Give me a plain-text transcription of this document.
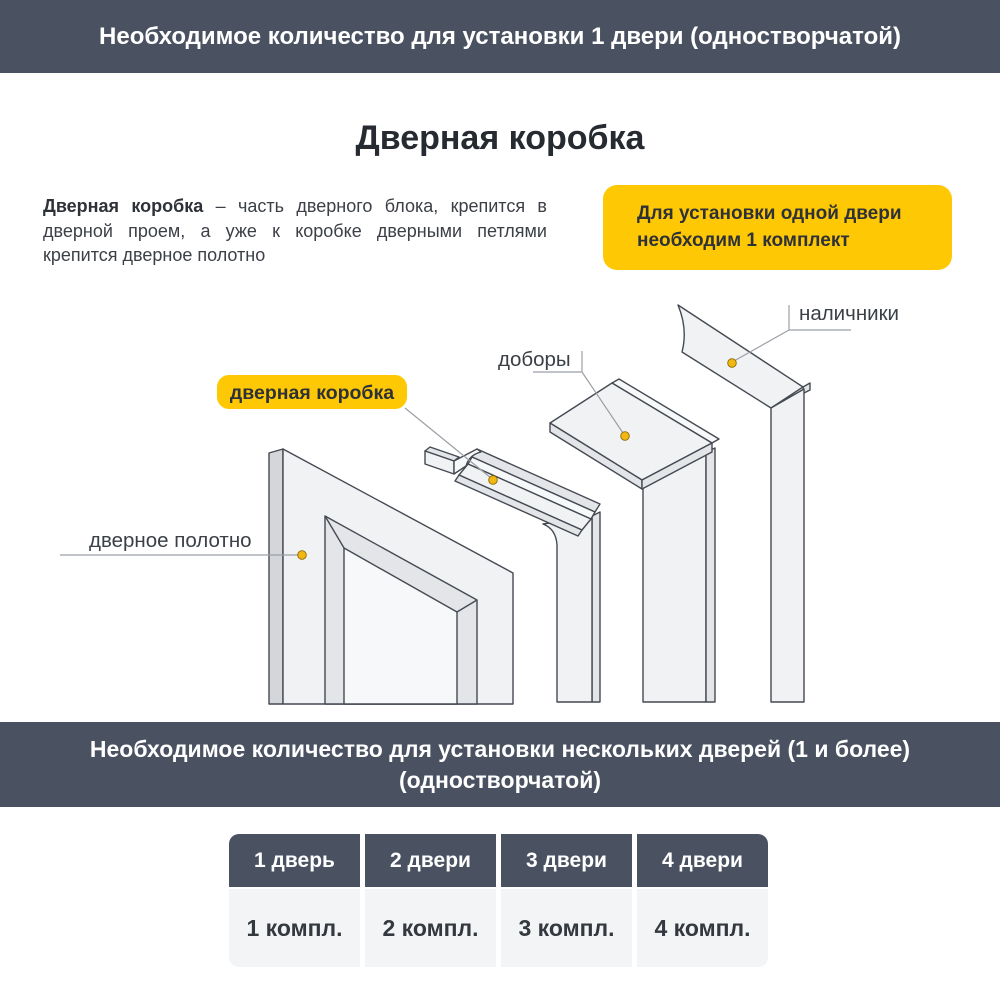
Необходимое количество для установки 1 двери (одностворчатой)
Дверная коробка

Дверная коробка – часть дверного блока, крепится в дверной проем, а уже к коробке дверными петлями крепится дверное полотно

Для установки одной двери необходим 1 комплект
дверное полотно
доборы
наличники
дверная коробка
Необходимое количество для установки нескольких дверей (1 и более)
(одностворчатой)
1 дверь	2 двери	3 двери	4 двери
1 компл.	2 компл.	3 компл.	4 компл.
